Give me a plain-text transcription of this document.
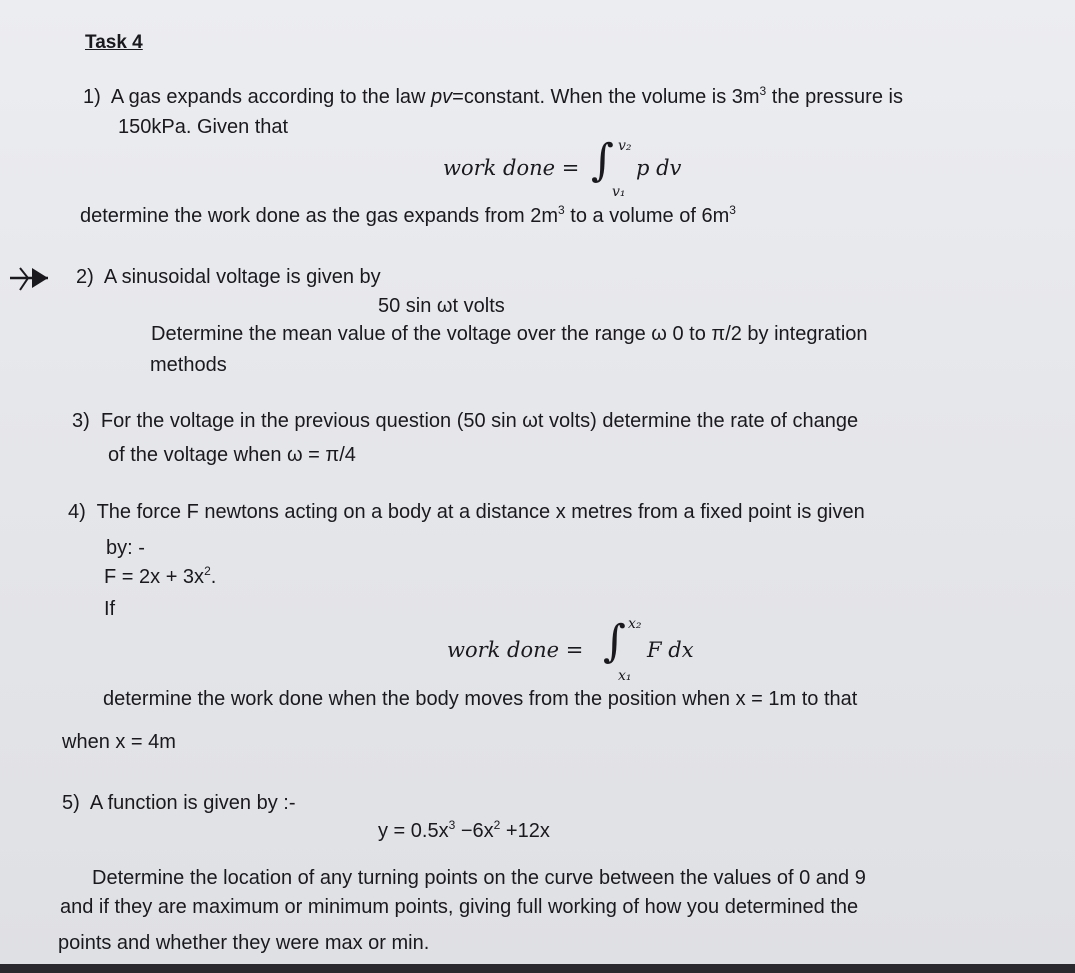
Task 4
1) A gas expands according to the law pv=constant. When the volume is $3m^3$ the pressure is
150kPa. Given that
work done = ∫ v₂
v₁
p dv
determine the work done as the gas expands from $2m^3$ to a volume of $6m^3$
2) A sinusoidal voltage is given by
50 sin ωt volts
Determine the mean value of the voltage over the range ω 0 to π/2 by integration
methods
3) For the voltage in the previous question (50 sin ωt volts) determine the rate of change
of the voltage when ω = π/4
4) The force F newtons acting on a body at a distance x metres from a fixed point is given
by: -
$F = 2x + 3x^2$.
If
work done = ∫ x₂
x₁
F dx
determine the work done when the body moves from the position when x = 1m to that
when x = 4m
5) A function is given by :-
$y = 0.5x^3 -6x^2 +12x$
Determine the location of any turning points on the curve between the values of 0 and 9
and if they are maximum or minimum points, giving full working of how you determined the
points and whether they were max or min.
